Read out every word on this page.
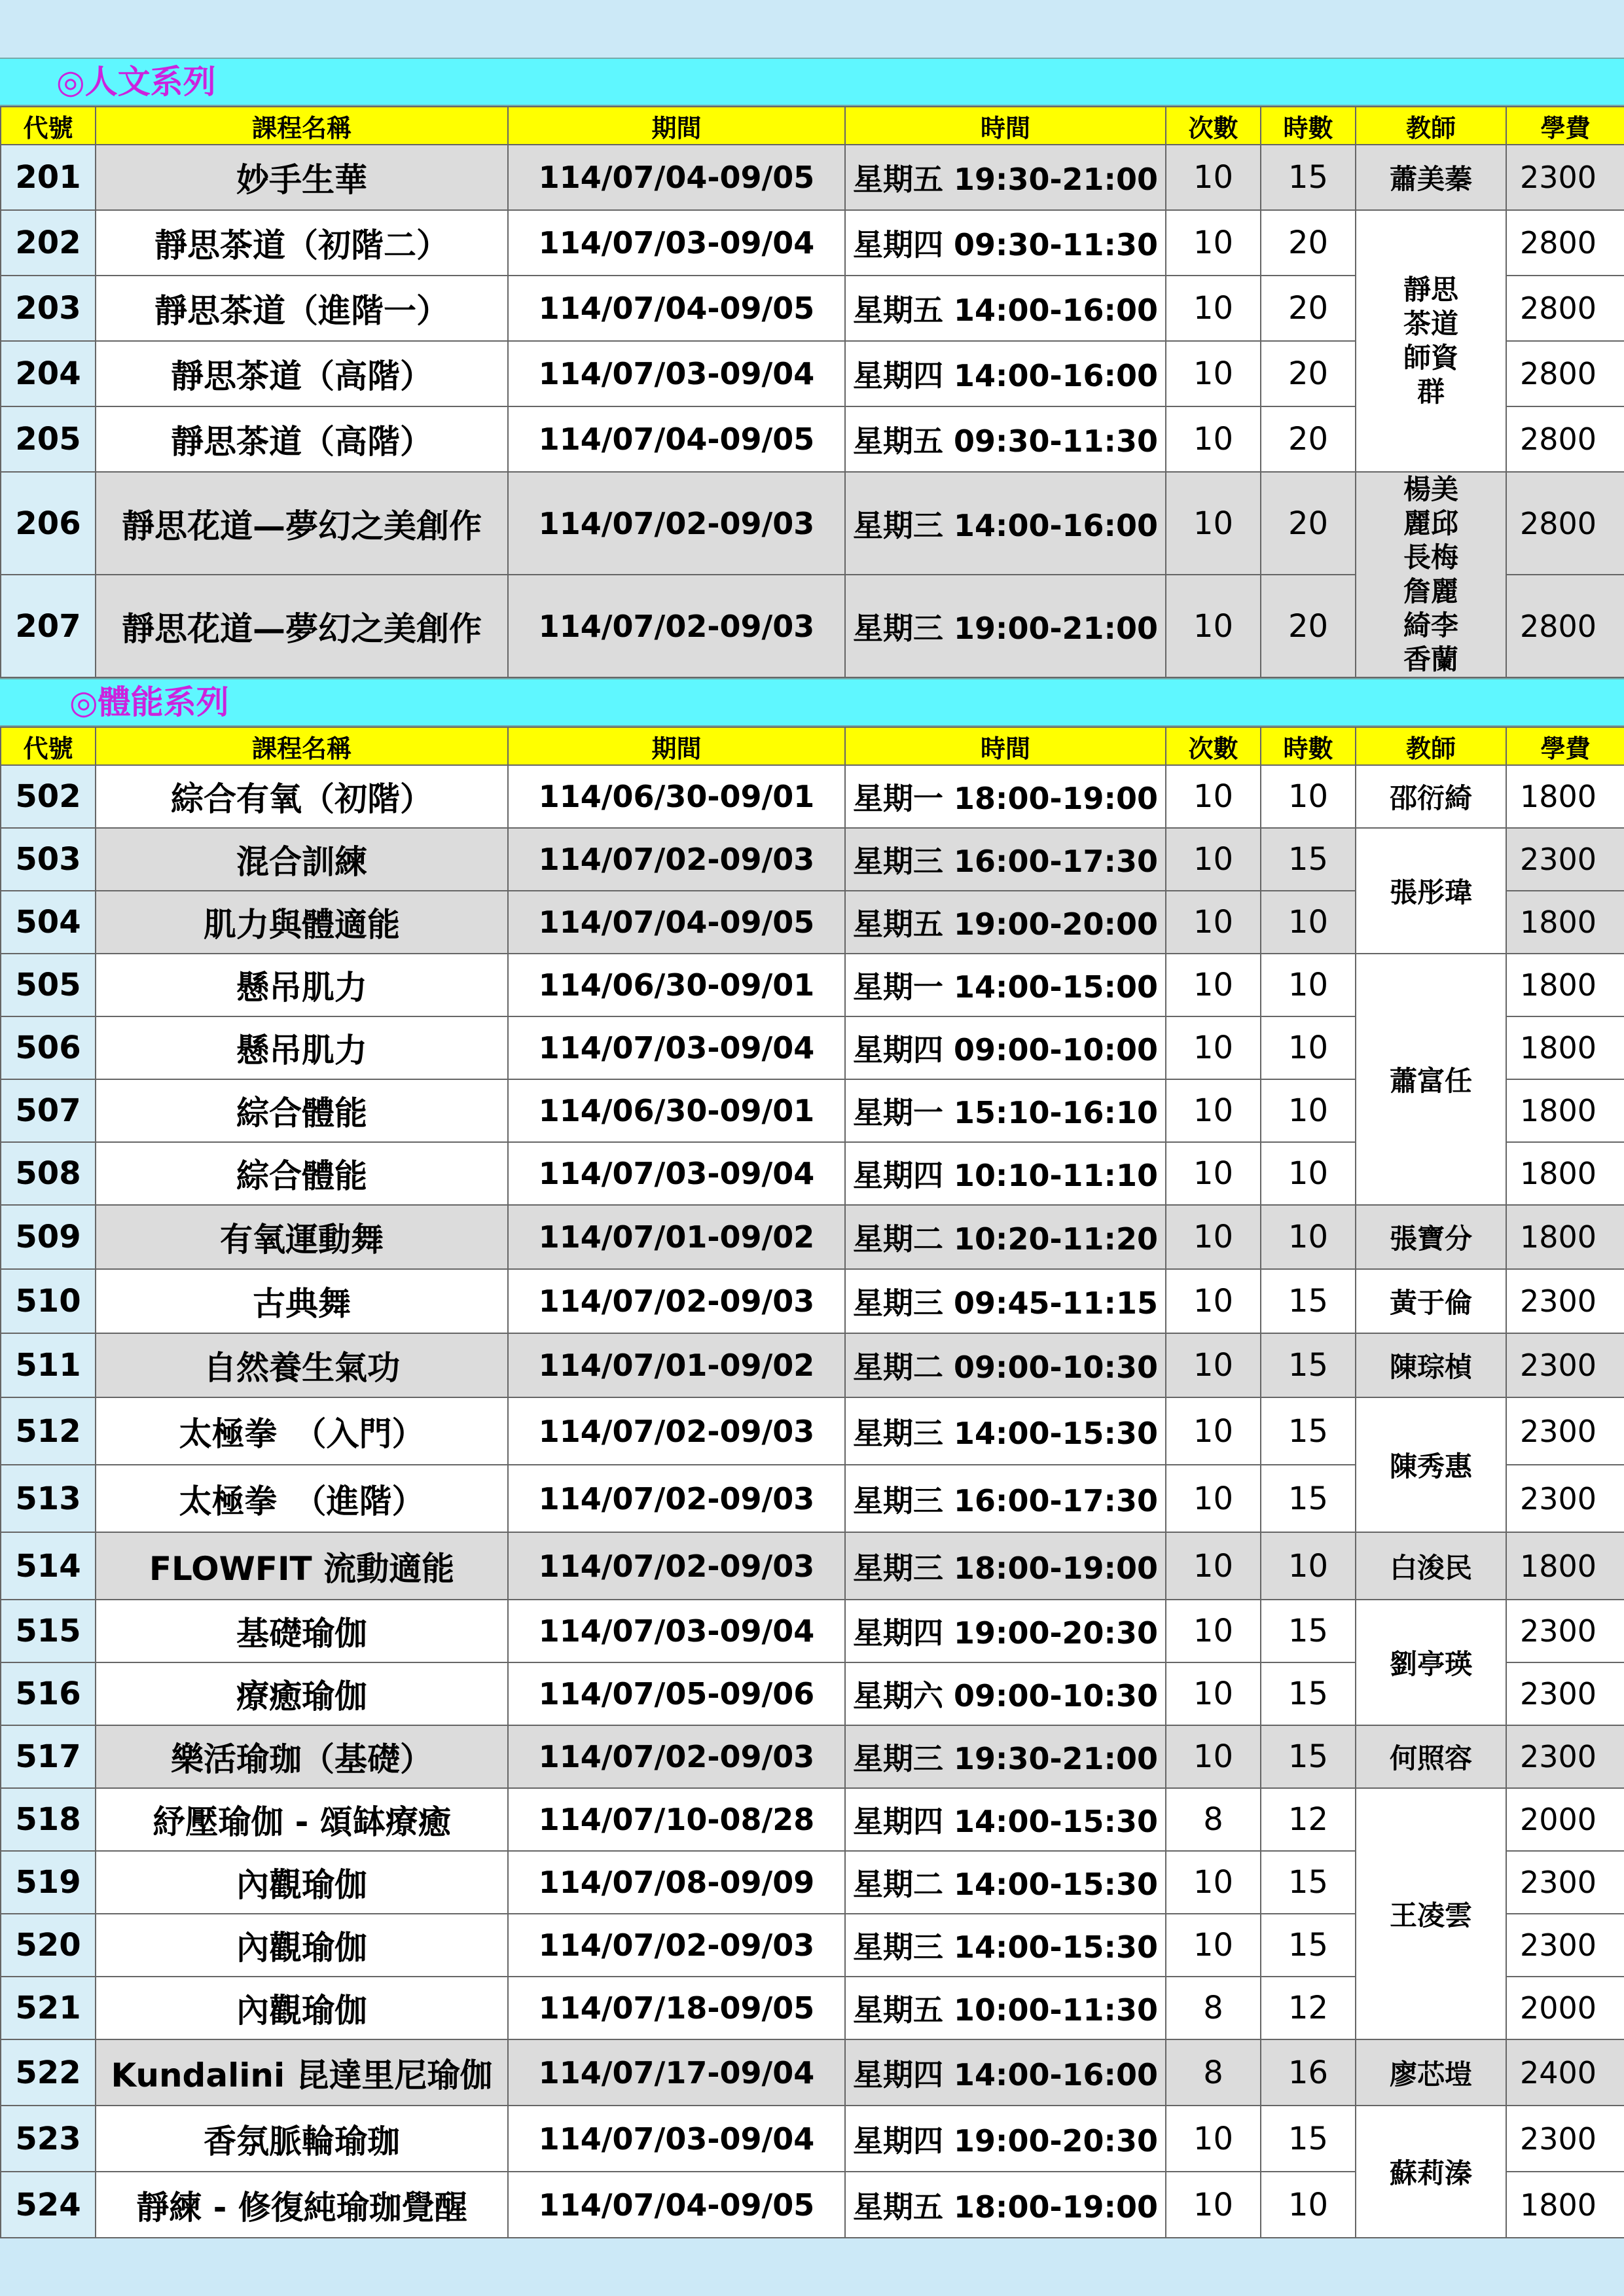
◎人文系列
代號	課程名稱	期間	時間	次數	時數	教師	學費
201	妙手生華	114/07/04-09/05	星期五 19:30-21:00	10	15	蕭美蓁	2300
202	靜思茶道（初階二）	114/07/03-09/04	星期四 09:30-11:30	10	20	靜思茶道師資群	2800
203	靜思茶道（進階一）	114/07/04-09/05	星期五 14:00-16:00	10	20		2800
204	靜思茶道（高階）	114/07/03-09/04	星期四 14:00-16:00	10	20		2800
205	靜思茶道（高階）	114/07/04-09/05	星期五 09:30-11:30	10	20		2800
206	靜思花道—夢幻之美創作	114/07/02-09/03	星期三 14:00-16:00	10	20	楊美麗邱長梅詹麗綺李香蘭	2800
207	靜思花道—夢幻之美創作	114/07/02-09/03	星期三 19:00-21:00	10	20		2800
◎體能系列
代號	課程名稱	期間	時間	次數	時數	教師	學費
502	綜合有氧（初階）	114/06/30-09/01	星期一 18:00-19:00	10	10	邵衍綺	1800
503	混合訓練	114/07/02-09/03	星期三 16:00-17:30	10	15	張彤瑋	2300
504	肌力與體適能	114/07/04-09/05	星期五 19:00-20:00	10	10		1800
505	懸吊肌力	114/06/30-09/01	星期一 14:00-15:00	10	10	蕭富任	1800
506	懸吊肌力	114/07/03-09/04	星期四 09:00-10:00	10	10		1800
507	綜合體能	114/06/30-09/01	星期一 15:10-16:10	10	10		1800
508	綜合體能	114/07/03-09/04	星期四 10:10-11:10	10	10		1800
509	有氧運動舞	114/07/01-09/02	星期二 10:20-11:20	10	10	張寶分	1800
510	古典舞	114/07/02-09/03	星期三 09:45-11:15	10	15	黃于倫	2300
511	自然養生氣功	114/07/01-09/02	星期二 09:00-10:30	10	15	陳琮楨	2300
512	太極拳　（入門）	114/07/02-09/03	星期三 14:00-15:30	10	15	陳秀惠	2300
513	太極拳　（進階）	114/07/02-09/03	星期三 16:00-17:30	10	15		2300
514	FLOWFIT 流動適能	114/07/02-09/03	星期三 18:00-19:00	10	10	白浚民	1800
515	基礎瑜伽	114/07/03-09/04	星期四 19:00-20:30	10	15	劉亭瑛	2300
516	療癒瑜伽	114/07/05-09/06	星期六 09:00-10:30	10	15		2300
517	樂活瑜珈（基礎）	114/07/02-09/03	星期三 19:30-21:00	10	15	何照容	2300
518	紓壓瑜伽 - 頌缽療癒	114/07/10-08/28	星期四 14:00-15:30	8	12	王凌雲	2000
519	內觀瑜伽	114/07/08-09/09	星期二 14:00-15:30	10	15		2300
520	內觀瑜伽	114/07/02-09/03	星期三 14:00-15:30	10	15		2300
521	內觀瑜伽	114/07/18-09/05	星期五 10:00-11:30	8	12		2000
522	Kundalini 昆達里尼瑜伽	114/07/17-09/04	星期四 14:00-16:00	8	16	廖芯塏	2400
523	香氛脈輪瑜珈	114/07/03-09/04	星期四 19:00-20:30	10	15	蘇莉溱	2300
524	靜練 - 修復純瑜珈覺醒	114/07/04-09/05	星期五 18:00-19:00	10	10		1800
